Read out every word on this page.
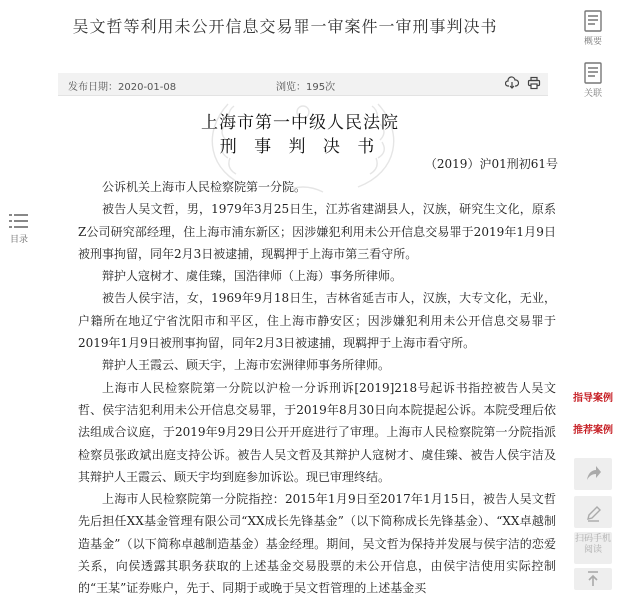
吴文哲等利用未公开信息交易罪一审案件一审刑事判决书
发布日期：2020-01-08	浏览：195次
上海市第一中级人民法院
刑 事 判 决 书
（2019）沪01刑初61号

公诉机关上海市人民检察院第一分院。

被告人吴文哲，男，1979年3月25日生，江苏省建湖县人，汉族，研究生文化，原系Z公司研究部经理，住上海市浦东新区；因涉嫌犯利用未公开信息交易罪于2019年1月9日被刑事拘留，同年2月3日被逮捕，现羁押于上海市第三看守所。

辩护人寇树才、虞佳臻，国浩律师（上海）事务所律师。

被告人侯宇洁，女，1969年9月18日生，吉林省延吉市人，汉族，大专文化，无业，户籍所在地辽宁省沈阳市和平区，住上海市静安区；因涉嫌犯利用未公开信息交易罪于2019年1月9日被刑事拘留，同年2月3日被逮捕，现羁押于上海市看守所。

辩护人王霞云、顾天宇，上海市宏洲律师事务所律师。

上海市人民检察院第一分院以沪检一分诉刑诉[2019]218号起诉书指控被告人吴文哲、侯宇洁犯利用未公开信息交易罪，于2019年8月30日向本院提起公诉。本院受理后依法组成合议庭，于2019年9月29日公开开庭进行了审理。上海市人民检察院第一分院指派检察员张政斌出庭支持公诉。被告人吴文哲及其辩护人寇树才、虞佳臻、被告人侯宇洁及其辩护人王霞云、顾天宇均到庭参加诉讼。现已审理终结。

上海市人民检察院第一分院指控：2015年1月9日至2017年1月15日，被告人吴文哲先后担任XX基金管理有限公司“XX成长先锋基金”（以下简称成长先锋基金）、“XX卓越制造基金”（以下简称卓越制造基金）基金经理。期间，吴文哲为保持并发展与侯宇洁的恋爱关系，向侯透露其职务获取的上述基金交易股票的未公开信息，由侯宇洁使用实际控制的“王某”证券账户，先于、同期于或晚于吴文哲管理的上述基金买

目录
概要
关联
指导案例
推荐案例
扫码手机阅读
